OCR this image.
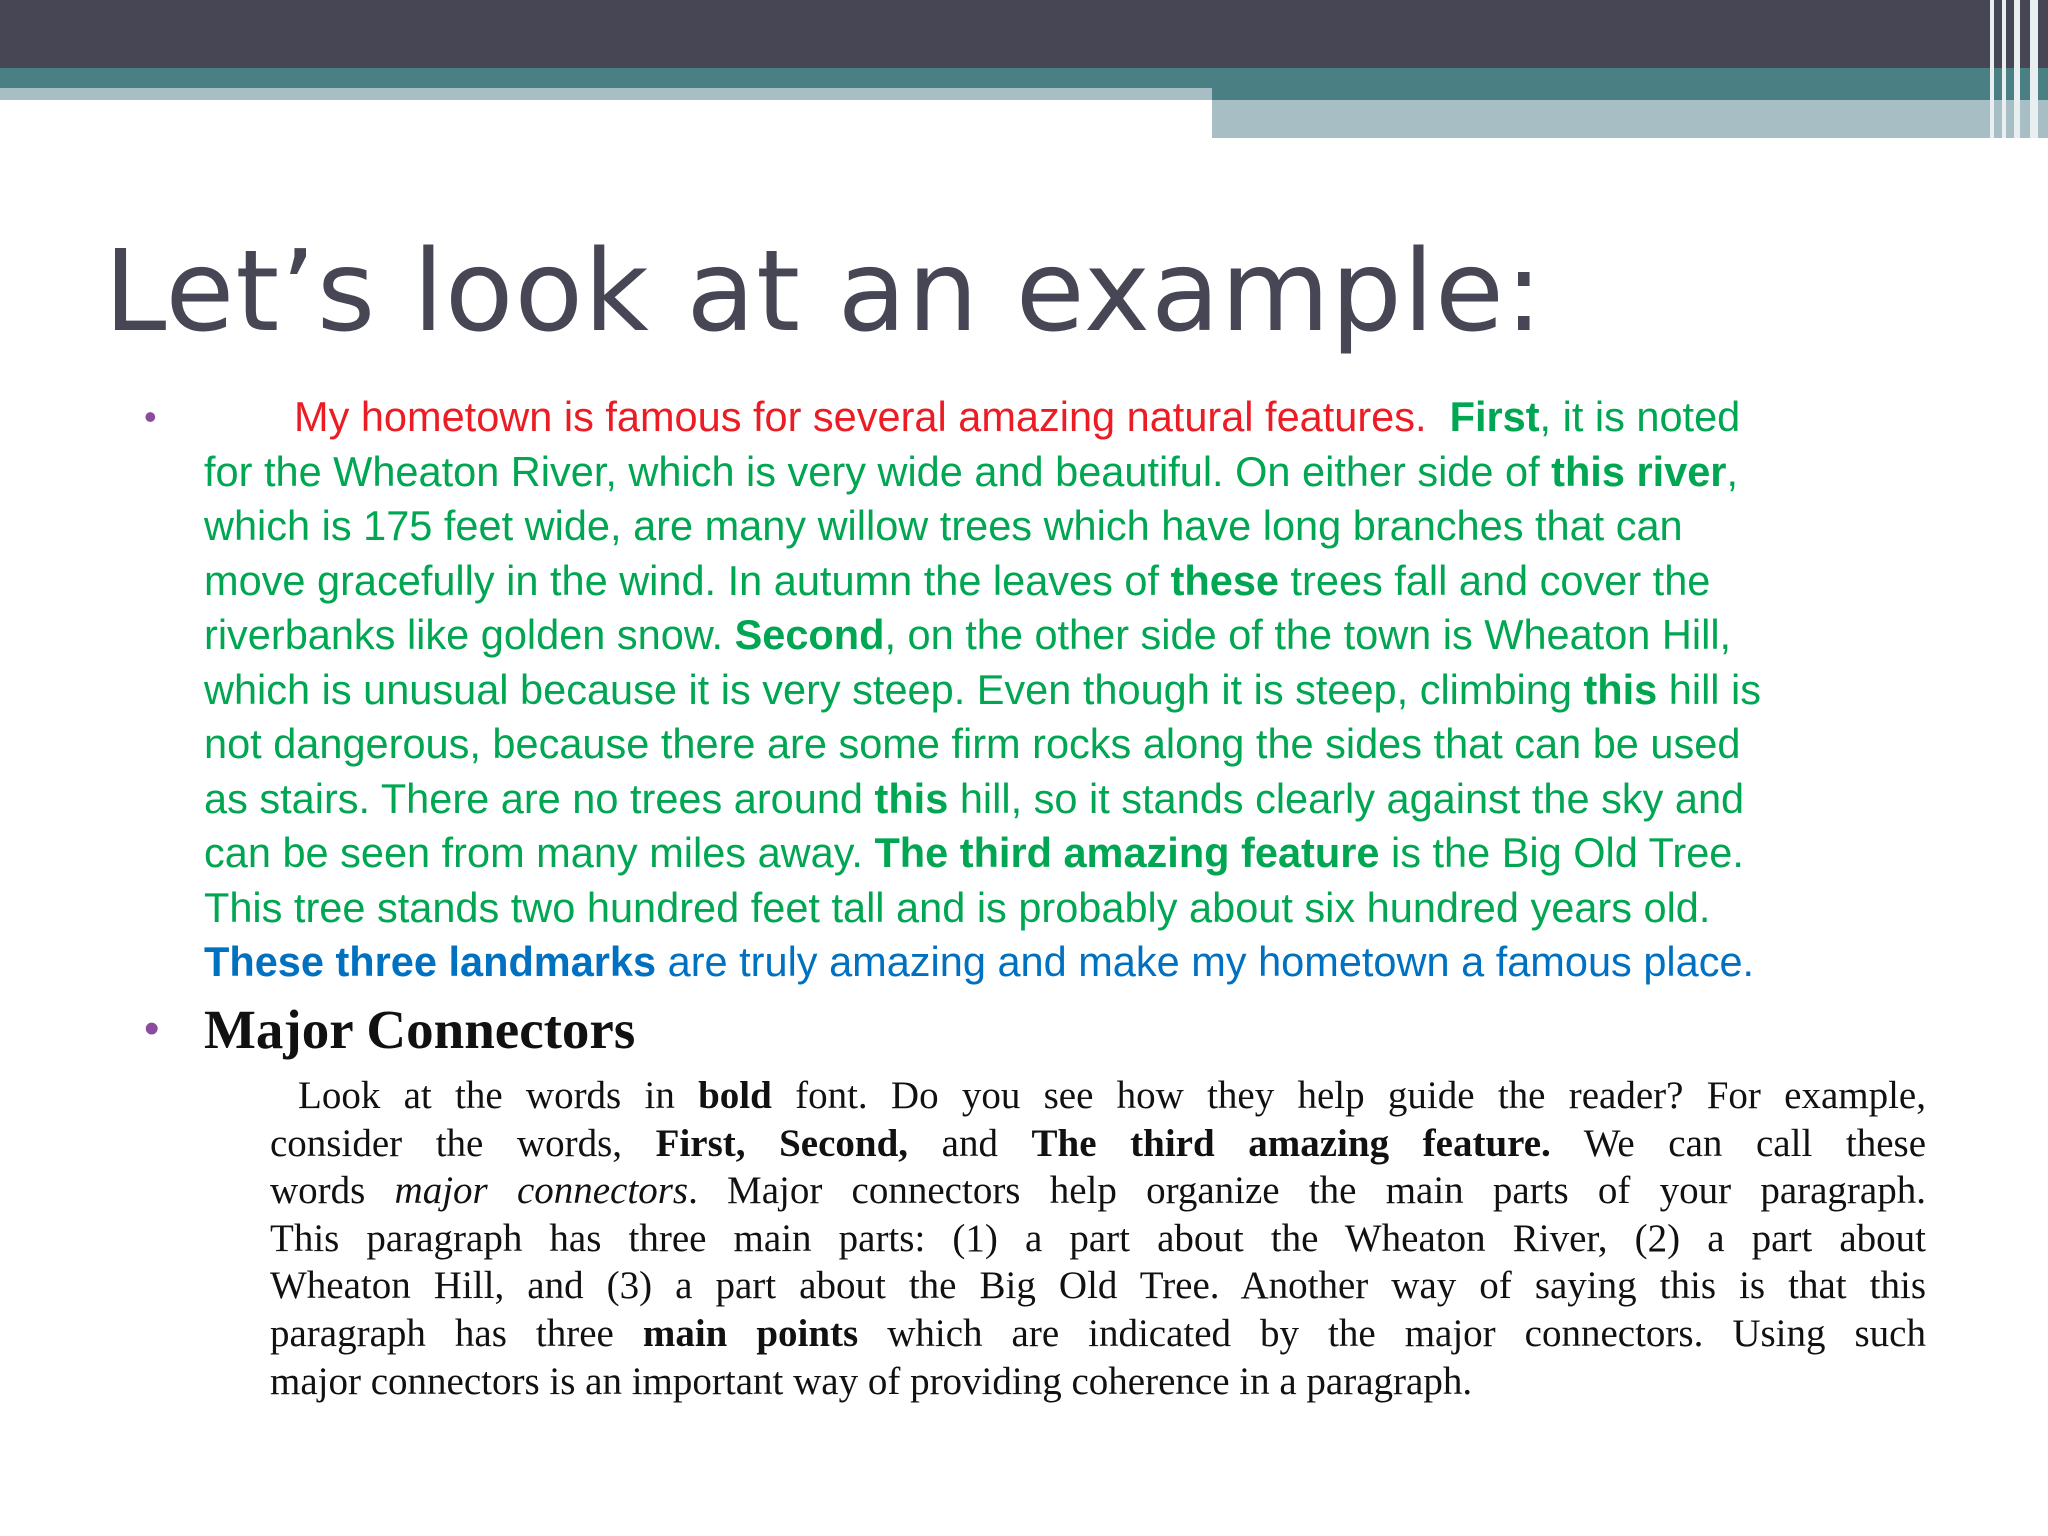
Let’s look at an example:
•	My hometown is famous for several amazing natural features. First, it is noted
for the Wheaton River, which is very wide and beautiful. On either side of this river,
which is 175 feet wide, are many willow trees which have long branches that can
move gracefully in the wind. In autumn the leaves of these trees fall and cover the
riverbanks like golden snow. Second, on the other side of the town is Wheaton Hill,
which is unusual because it is very steep. Even though it is steep, climbing this hill is
not dangerous, because there are some firm rocks along the sides that can be used
as stairs. There are no trees around this hill, so it stands clearly against the sky and
can be seen from many miles away. The third amazing feature is the Big Old Tree.
This tree stands two hundred feet tall and is probably about six hundred years old.
These three landmarks are truly amazing and make my hometown a famous place.
• Major Connectors
Look at the words in bold font. Do you see how they help guide the reader? For example,
consider the words, First, Second, and The third amazing feature. We can call these
words major connectors. Major connectors help organize the main parts of your paragraph.
This paragraph has three main parts: (1) a part about the Wheaton River, (2) a part about
Wheaton Hill, and (3) a part about the Big Old Tree. Another way of saying this is that this
paragraph has three main points which are indicated by the major connectors. Using such
major connectors is an important way of providing coherence in a paragraph.
